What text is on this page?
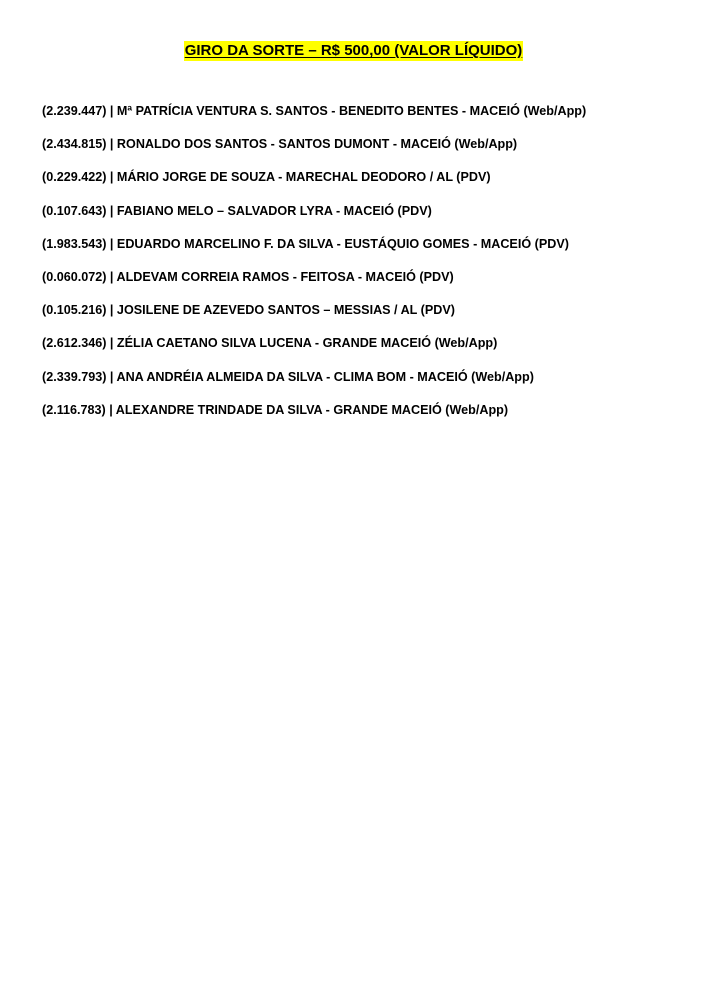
GIRO DA SORTE – R$ 500,00 (VALOR LÍQUIDO)
(2.239.447) | Mª PATRÍCIA VENTURA S. SANTOS - BENEDITO BENTES - MACEIÓ (Web/App)
(2.434.815) | RONALDO DOS SANTOS - SANTOS DUMONT - MACEIÓ (Web/App)
(0.229.422) | MÁRIO JORGE DE SOUZA - MARECHAL DEODORO / AL (PDV)
(0.107.643) | FABIANO MELO – SALVADOR LYRA - MACEIÓ (PDV)
(1.983.543) | EDUARDO MARCELINO F. DA SILVA - EUSTÁQUIO GOMES - MACEIÓ (PDV)
(0.060.072) | ALDEVAM CORREIA RAMOS - FEITOSA - MACEIÓ (PDV)
(0.105.216) | JOSILENE DE AZEVEDO SANTOS – MESSIAS / AL (PDV)
(2.612.346) | ZÉLIA CAETANO SILVA LUCENA - GRANDE MACEIÓ (Web/App)
(2.339.793) | ANA ANDRÉIA ALMEIDA DA SILVA - CLIMA BOM - MACEIÓ (Web/App)
(2.116.783) | ALEXANDRE TRINDADE DA SILVA - GRANDE MACEIÓ (Web/App)
